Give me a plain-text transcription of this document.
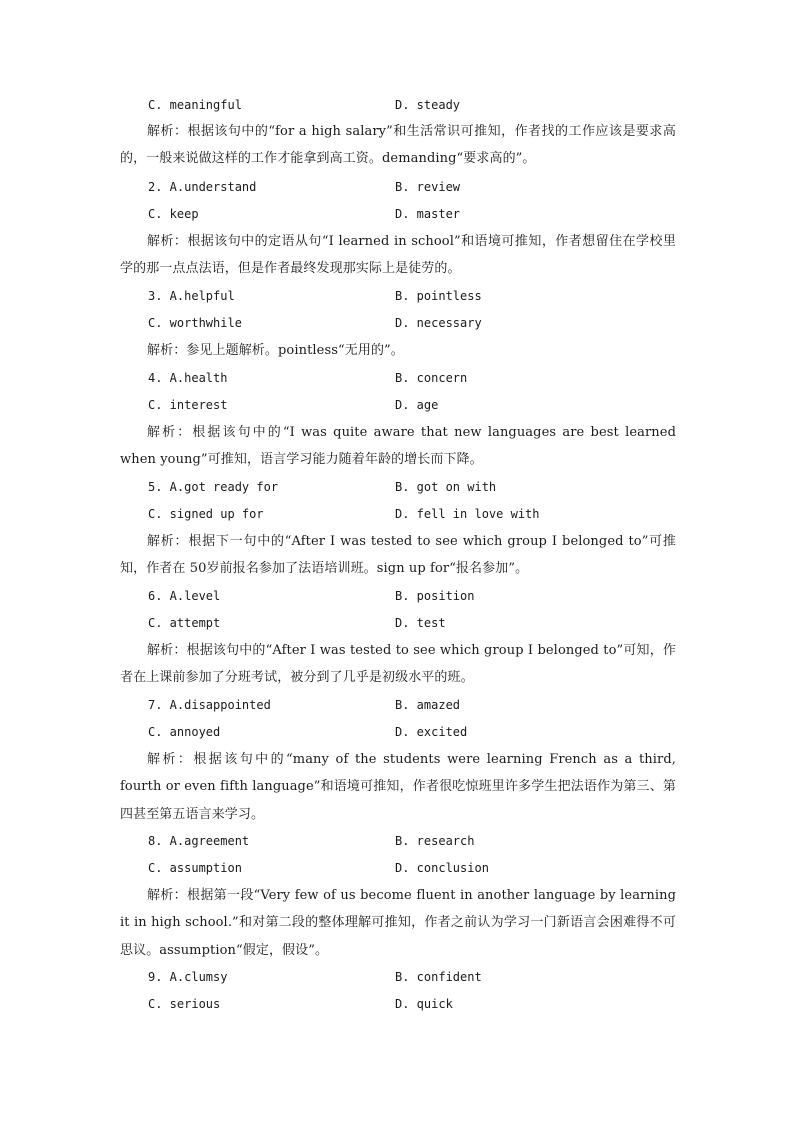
C. meaningful	D. steady
解析：根据该句中的“for a high salary”和生活常识可推知，作者找的工作应该是要求高的，一般来说做这样的工作才能拿到高工资。demanding“要求高的”。
2. A.understand	B. review
C. keep	D. master
解析：根据该句中的定语从句“I learned in school”和语境可推知，作者想留住在学校里学的那一点点法语，但是作者最终发现那实际上是徒劳的。
3. A.helpful	B. pointless
C. worthwhile	D. necessary
解析：参见上题解析。pointless“无用的”。
4. A.health	B. concern
C. interest	D. age
解析：根据该句中的“I was quite aware that new languages are best learned when young”可推知，语言学习能力随着年龄的增长而下降。
5. A.got ready for	B. got on with
C. signed up for	D. fell in love with
解析：根据下一句中的“After I was tested to see which group I belonged to”可推知，作者在 50岁前报名参加了法语培训班。sign up for“报名参加”。
6. A.level	B. position
C. attempt	D. test
解析：根据该句中的“After I was tested to see which group I belonged to”可知，作者在上课前参加了分班考试，被分到了几乎是初级水平的班。
7. A.disappointed	B. amazed
C. annoyed	D. excited
解析：根据该句中的“many of the students were learning French as a third, fourth or even fifth language”和语境可推知，作者很吃惊班里许多学生把法语作为第三、第四甚至第五语言来学习。
8. A.agreement	B. research
C. assumption	D. conclusion
解析：根据第一段“Very few of us become fluent in another language by learning it in high school.”和对第二段的整体理解可推知，作者之前认为学习一门新语言会困难得不可思议。assumption“假定，假设”。
9. A.clumsy	B. confident
C. serious	D. quick
